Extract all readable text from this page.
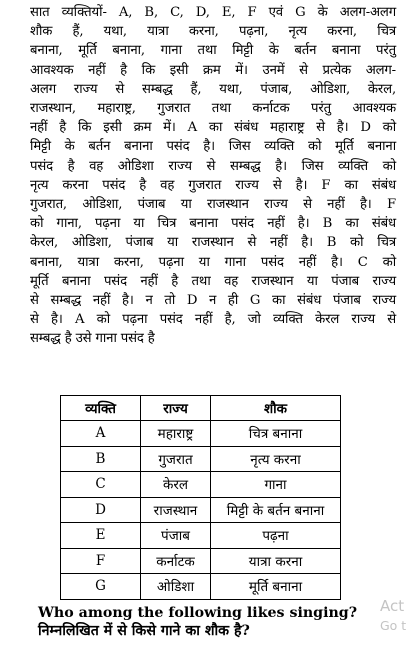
सात व्यक्तियों- A, B, C, D, E, F एवं G के अलग-अलग
शौक हैं, यथा, यात्रा करना, पढ़ना, नृत्य करना, चित्र
बनाना, मूर्ति बनाना, गाना तथा मिट्टी के बर्तन बनाना परंतु
आवश्यक नहीं है कि इसी क्रम में। उनमें से प्रत्येक अलग-
अलग राज्य से सम्बद्ध हैं, यथा, पंजाब, ओडिशा, केरल,
राजस्थान, महाराष्ट्र, गुजरात तथा कर्नाटक परंतु आवश्यक
नहीं है कि इसी क्रम में। A का संबंध महाराष्ट्र से है। D को
मिट्टी के बर्तन बनाना पसंद है। जिस व्यक्ति को मूर्ति बनाना
पसंद है वह ओडिशा राज्य से सम्बद्ध है। जिस व्यक्ति को
नृत्य करना पसंद है वह गुजरात राज्य से है। F का संबंध
गुजरात, ओडिशा, पंजाब या राजस्थान राज्य से नहीं है। F
को गाना, पढ़ना या चित्र बनाना पसंद नहीं है। B का संबंध
केरल, ओडिशा, पंजाब या राजस्थान से नहीं है। B को चित्र
बनाना, यात्रा करना, पढ़ना या गाना पसंद नहीं है। C को
मूर्ति बनाना पसंद नहीं है तथा वह राजस्थान या पंजाब राज्य
से सम्बद्ध नहीं है। न तो D न ही G का संबंध पंजाब राज्य
से है। A को पढ़ना पसंद नहीं है, जो व्यक्ति केरल राज्य से
सम्बद्ध है उसे गाना पसंद है
व्यक्ति	राज्य	शौक
A	महाराष्ट्र	चित्र बनाना
B	गुजरात	नृत्य करना
C	केरल	गाना
D	राजस्थान	मिट्टी के बर्तन बनाना
E	पंजाब	पढ़ना
F	कर्नाटक	यात्रा करना
G	ओडिशा	मूर्ति बनाना
Who among the following likes singing?
निम्नलिखित में से किसे गाने का शौक है?
Act
Go t
